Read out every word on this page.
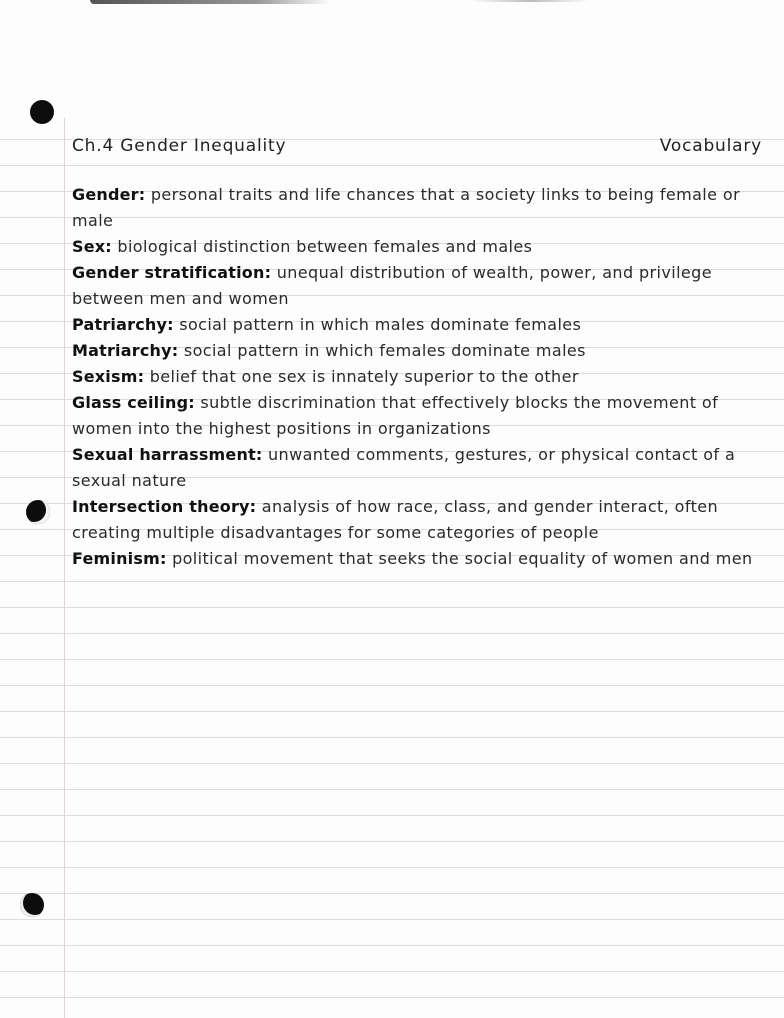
Ch.4 Gender Inequality	Vocabulary
Gender: personal traits and life chances that a society links to being female or male
Sex: biological distinction between females and males
Gender stratification: unequal distribution of wealth, power, and privilege between men and women
Patriarchy: social pattern in which males dominate females
Matriarchy: social pattern in which females dominate males
Sexism: belief that one sex is innately superior to the other
Glass ceiling: subtle discrimination that effectively blocks the movement of women into the highest positions in organizations
Sexual harrassment: unwanted comments, gestures, or physical contact of a sexual nature
Intersection theory: analysis of how race, class, and gender interact, often creating multiple disadvantages for some categories of people
Feminism: political movement that seeks the social equality of women and men
